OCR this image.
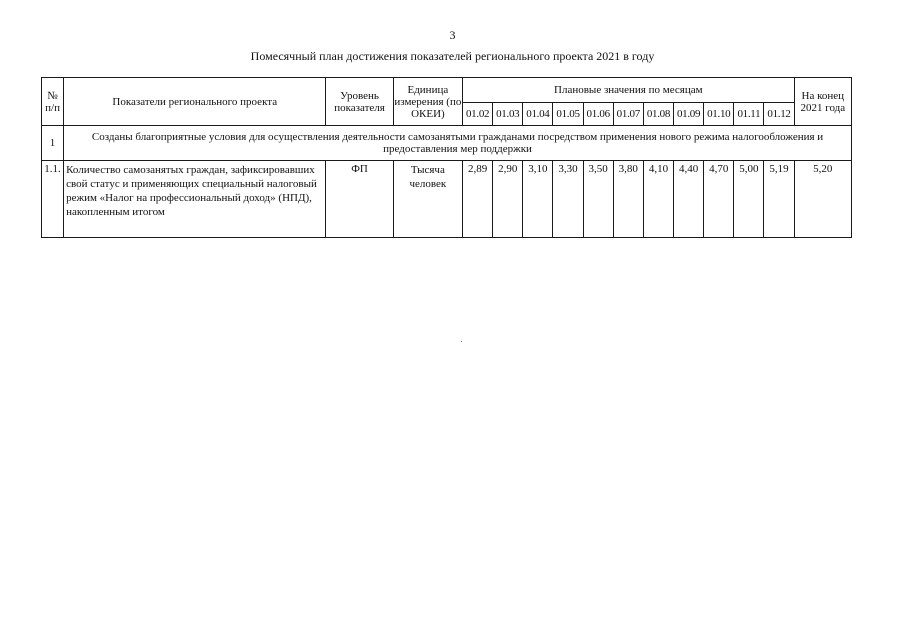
3
Помесячный план достижения показателей регионального проекта 2021 в году
№ п/п	Показатели регионального проекта	Уровень показателя	Единица измерения (по ОКЕИ)	Плановые значения по месяцам											На конец 2021 года
				01.02	01.03	01.04	01.05	01.06	01.07	01.08	01.09	01.10	01.11	01.12	
1	Созданы благоприятные условия для осуществления деятельности самозанятыми гражданами посредством применения нового режима налогообложения и предоставления мер поддержки														
1.1.	Количество самозанятых граждан, зафиксировавших свой статус и применяющих специальный налоговый режим «Налог на профессиональный доход» (НПД), накопленным итогом	ФП	Тысяча человек	2,89	2,90	3,10	3,30	3,50	3,80	4,10	4,40	4,70	5,00	5,19	5,20
